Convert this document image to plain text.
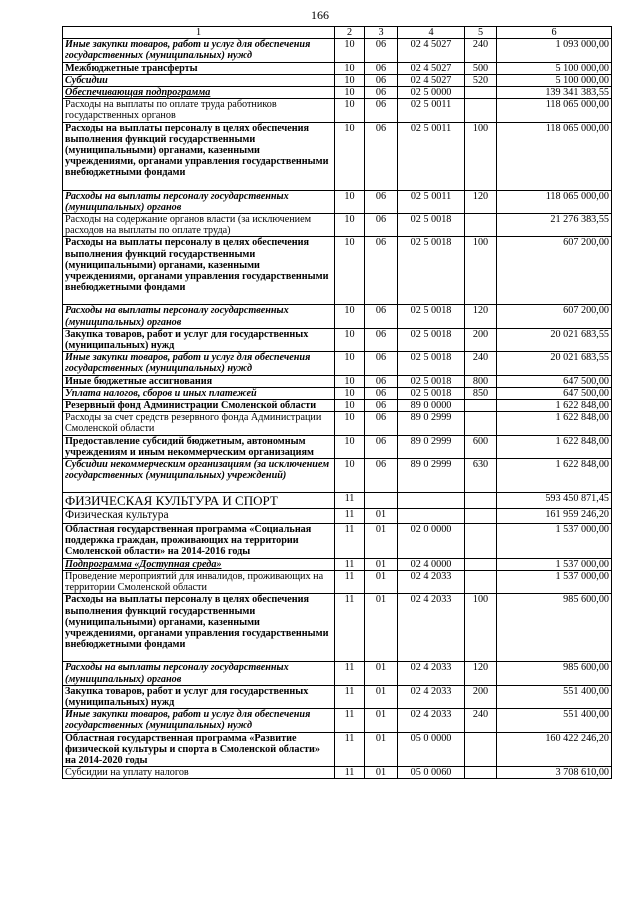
166
1	2	3	4	5	6
Иные закупки товаров, работ и услуг для обеспечения государственных (муниципальных) нужд	10	06	02 4 5027	240	1 093 000,00
Межбюджетные трансферты	10	06	02 4 5027	500	5 100 000,00
Субсидии	10	06	02 4 5027	520	5 100 000,00
Обеспечивающая подпрограмма	10	06	02 5 0000		139 341 383,55
Расходы на выплаты по оплате труда работников государственных органов	10	06	02 5 0011		118 065 000,00
Расходы на выплаты персоналу в целях обеспечения выполнения функций государственными (муниципальными) органами, казенными учреждениями, органами управления государственными внебюджетными фондами	10	06	02 5 0011	100	118 065 000,00
Расходы на выплаты персоналу государственных (муниципальных) органов	10	06	02 5 0011	120	118 065 000,00
Расходы на содержание органов власти (за исключением расходов на выплаты по оплате труда)	10	06	02 5 0018		21 276 383,55
Расходы на выплаты персоналу в целях обеспечения выполнения функций государственными (муниципальными) органами, казенными учреждениями, органами управления государственными внебюджетными фондами	10	06	02 5 0018	100	607 200,00
Расходы на выплаты персоналу государственных (муниципальных) органов	10	06	02 5 0018	120	607 200,00
Закупка товаров, работ и услуг для государственных (муниципальных) нужд	10	06	02 5 0018	200	20 021 683,55
Иные закупки товаров, работ и услуг для обеспечения государственных (муниципальных) нужд	10	06	02 5 0018	240	20 021 683,55
Иные бюджетные ассигнования	10	06	02 5 0018	800	647 500,00
Уплата налогов, сборов и иных платежей	10	06	02 5 0018	850	647 500,00
Резервный фонд Администрации Смоленской области	10	06	89 0 0000		1 622 848,00
Расходы за счет средств резервного фонда Администрации Смоленской области	10	06	89 0 2999		1 622 848,00
Предоставление субсидий бюджетным, автономным учреждениям и иным некоммерческим организациям	10	06	89 0 2999	600	1 622 848,00
Субсидии некоммерческим организациям (за исключением государственных (муниципальных) учреждений)	10	06	89 0 2999	630	1 622 848,00
ФИЗИЧЕСКАЯ КУЛЬТУРА И СПОРТ	11				593 450 871,45
Физическая культура	11	01			161 959 246,20
Областная государственная программа «Социальная поддержка граждан, проживающих на территории Смоленской области» на 2014-2016 годы	11	01	02 0 0000		1 537 000,00
Подпрограмма «Доступная среда»	11	01	02 4 0000		1 537 000,00
Проведение мероприятий для инвалидов, проживающих на территории Смоленской области	11	01	02 4 2033		1 537 000,00
Расходы на выплаты персоналу в целях обеспечения выполнения функций государственными (муниципальными) органами, казенными учреждениями, органами управления государственными внебюджетными фондами	11	01	02 4 2033	100	985 600,00
Расходы на выплаты персоналу государственных (муниципальных) органов	11	01	02 4 2033	120	985 600,00
Закупка товаров, работ и услуг для государственных (муниципальных) нужд	11	01	02 4 2033	200	551 400,00
Иные закупки товаров, работ и услуг для обеспечения государственных (муниципальных) нужд	11	01	02 4 2033	240	551 400,00
Областная государственная программа «Развитие физической культуры и спорта в Смоленской области» на 2014-2020 годы	11	01	05 0 0000		160 422 246,20
Субсидии на уплату налогов	11	01	05 0 0060		3 708 610,00
